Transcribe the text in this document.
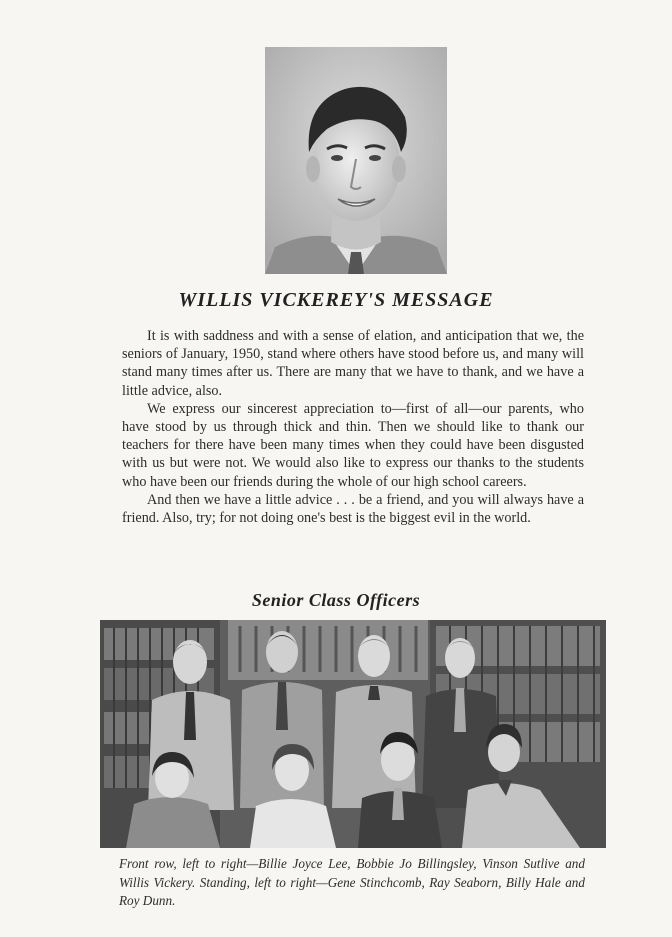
WILLIS VICKEREY'S MESSAGE

It is with saddness and with a sense of elation, and anticipation that we, the seniors of January, 1950, stand where others have stood before us, and many will stand many times after us. There are many that we have to thank, and we have a little advice, also.

We express our sincerest appreciation to—first of all—our parents, who have stood by us through thick and thin. Then we should like to thank our teachers for there have been many times when they could have been disgusted with us but were not. We would also like to express our thanks to the students who have been our friends during the whole of our high school careers.

And then we have a little advice . . . be a friend, and you will always have a friend. Also, try; for not doing one's best is the biggest evil in the world.

Senior Class Officers
Front row, left to right—Billie Joyce Lee, Bobbie Jo Billingsley, Vinson Sutlive and Willis Vickery. Standing, left to right—Gene Stinchcomb, Ray Seaborn, Billy Hale and Roy Dunn.
